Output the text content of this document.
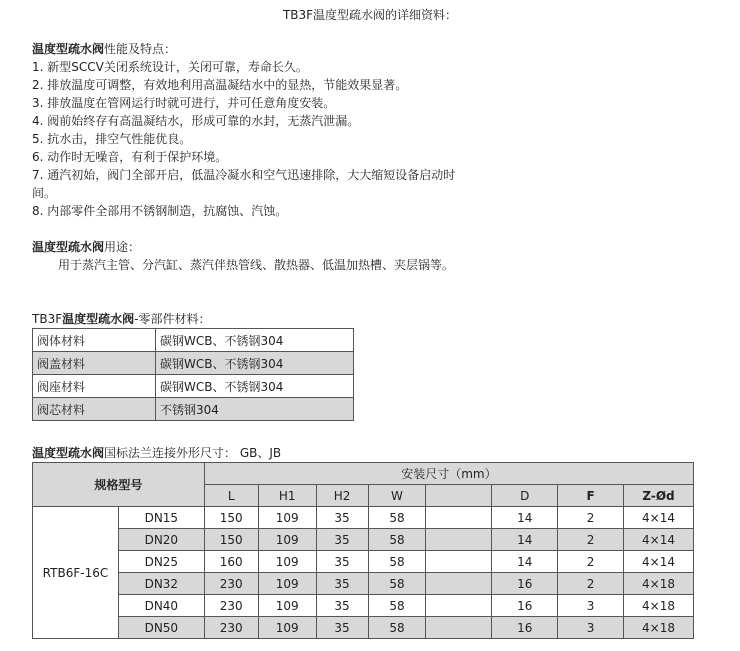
TB3F温度型疏水阀的详细资料：
温度型疏水阀性能及特点：
1. 新型SCCV关闭系统设计，关闭可靠，寿命长久。
2. 排放温度可调整，有效地利用高温凝结水中的显热，节能效果显著。
3. 排放温度在管网运行时就可进行，并可任意角度安装。
4. 阀前始终存有高温凝结水，形成可靠的水封，无蒸汽泄漏。
5. 抗水击，排空气性能优良。
6. 动作时无噪音，有利于保护环境。
7. 通汽初始，阀门全部开启，低温冷凝水和空气迅速排除，大大缩短设备启动时间。
8. 内部零件全部用不锈钢制造，抗腐蚀、汽蚀。
温度型疏水阀用途：
用于蒸汽主管、分汽缸、蒸汽伴热管线、散热器、低温加热槽、夹层锅等。
TB3F温度型疏水阀-零部件材料：
阀体材料	碳钢WCB、不锈钢304
阀盖材料	碳钢WCB、不锈钢304
阀座材料	碳钢WCB、不锈钢304
阀芯材料	不锈钢304
温度型疏水阀国标法兰连接外形尺寸： GB、JB
规格型号		安装尺寸（mm）							
		L	H1	H2	W		D	F	Z-Ød
RTB6F-16C	DN15	150	109	35	58		14	2	4×14
	DN20	150	109	35	58		14	2	4×14
	DN25	160	109	35	58		14	2	4×14
	DN32	230	109	35	58		16	2	4×18
	DN40	230	109	35	58		16	3	4×18
	DN50	230	109	35	58		16	3	4×18
